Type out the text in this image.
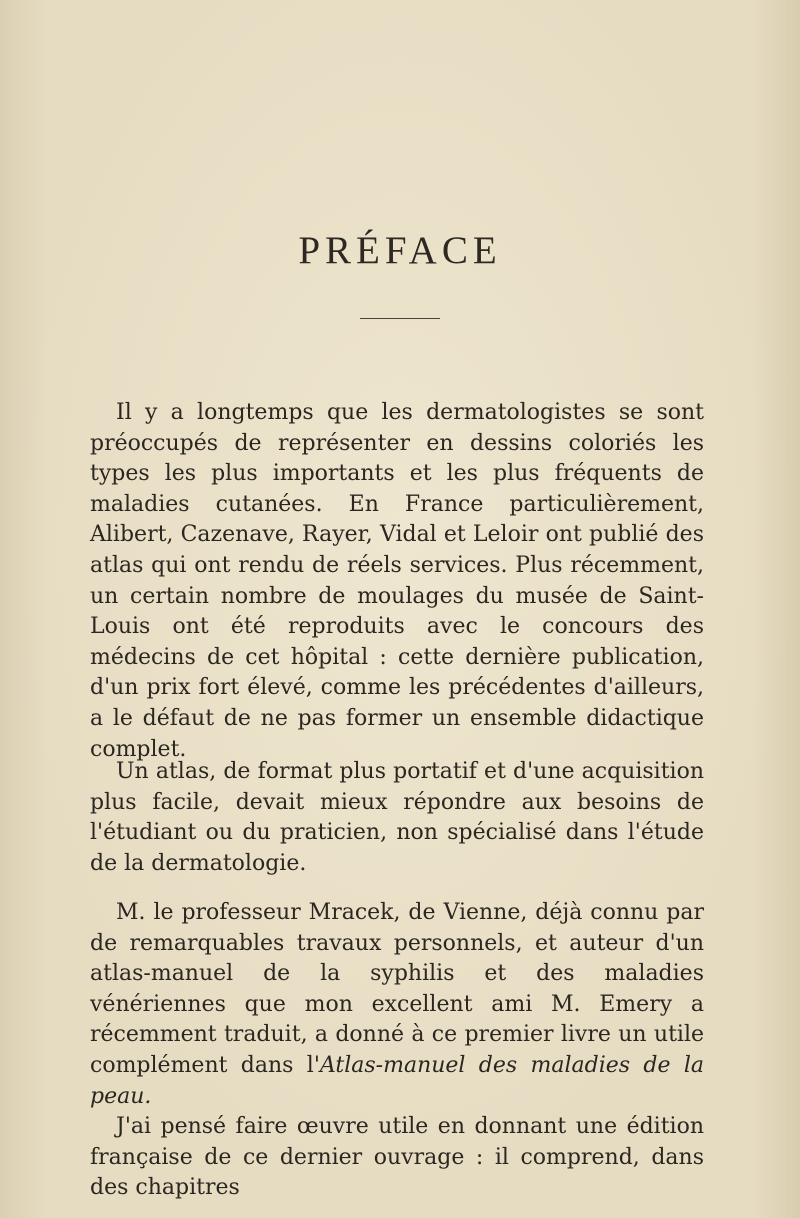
PRÉFACE

Il y a longtemps que les dermatologistes se sont préoccupés de représenter en dessins coloriés les types les plus importants et les plus fréquents de maladies cutanées. En France particulièrement, Alibert, Cazenave, Rayer, Vidal et Leloir ont publié des atlas qui ont rendu de réels services. Plus récemment, un certain nombre de moulages du musée de Saint-Louis ont été reproduits avec le concours des médecins de cet hôpital : cette dernière publication, d'un prix fort élevé, comme les précédentes d'ailleurs, a le défaut de ne pas former un ensemble didactique complet.

Un atlas, de format plus portatif et d'une acquisition plus facile, devait mieux répondre aux besoins de l'étudiant ou du praticien, non spécialisé dans l'étude de la dermatologie.

M. le professeur Mracek, de Vienne, déjà connu par de remarquables travaux personnels, et auteur d'un atlas-manuel de la syphilis et des maladies vénériennes que mon excellent ami M. Emery a récemment traduit, a donné à ce premier livre un utile complément dans l'Atlas-manuel des maladies de la peau.

J'ai pensé faire œuvre utile en donnant une édition française de ce dernier ouvrage : il comprend, dans des chapitres
